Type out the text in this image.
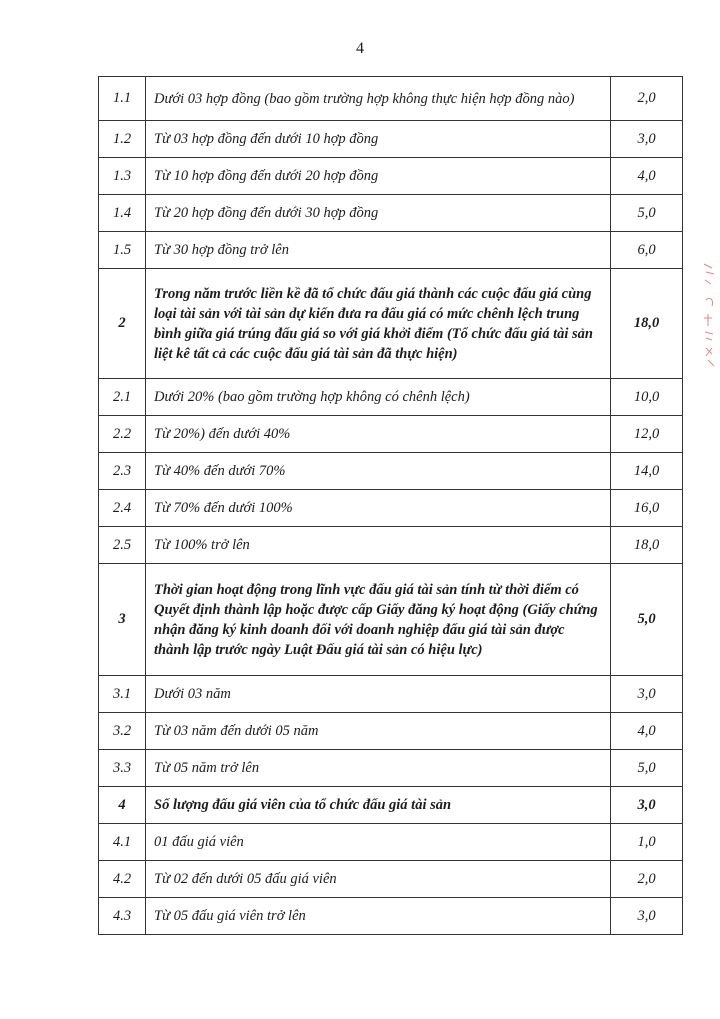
4
1.1	Dưới 03 hợp đồng (bao gồm trường hợp không thực hiện hợp đồng nào)	2,0
1.2	Từ 03 hợp đồng đến dưới 10 hợp đồng	3,0
1.3	Từ 10 hợp đồng đến dưới 20 hợp đồng	4,0
1.4	Từ 20 hợp đồng đến dưới 30 hợp đồng	5,0
1.5	Từ 30 hợp đồng trở lên	6,0
2	Trong năm trước liền kề đã tổ chức đấu giá thành các cuộc đấu giá cùng loại tài sản với tài sản dự kiến đưa ra đấu giá có mức chênh lệch trung bình giữa giá trúng đấu giá so với giá khởi điểm (Tổ chức đấu giá tài sản liệt kê tất cả các cuộc đấu giá tài sản đã thực hiện)	18,0
2.1	Dưới 20% (bao gồm trường hợp không có chênh lệch)	10,0
2.2	Từ 20%) đến dưới 40%	12,0
2.3	Từ 40% đến dưới 70%	14,0
2.4	Từ 70% đến dưới 100%	16,0
2.5	Từ 100% trở lên	18,0
3	Thời gian hoạt động trong lĩnh vực đấu giá tài sản tính từ thời điểm có Quyết định thành lập hoặc được cấp Giấy đăng ký hoạt động (Giấy chứng nhận đăng ký kinh doanh đối với doanh nghiệp đấu giá tài sản được thành lập trước ngày Luật Đấu giá tài sản có hiệu lực)	5,0
3.1	Dưới 03 năm	3,0
3.2	Từ 03 năm đến dưới 05 năm	4,0
3.3	Từ 05 năm trở lên	5,0
4	Số lượng đấu giá viên của tổ chức đấu giá tài sản	3,0
4.1	01 đấu giá viên	1,0
4.2	Từ 02 đến dưới 05 đấu giá viên	2,0
4.3	Từ 05 đấu giá viên trở lên	3,0
